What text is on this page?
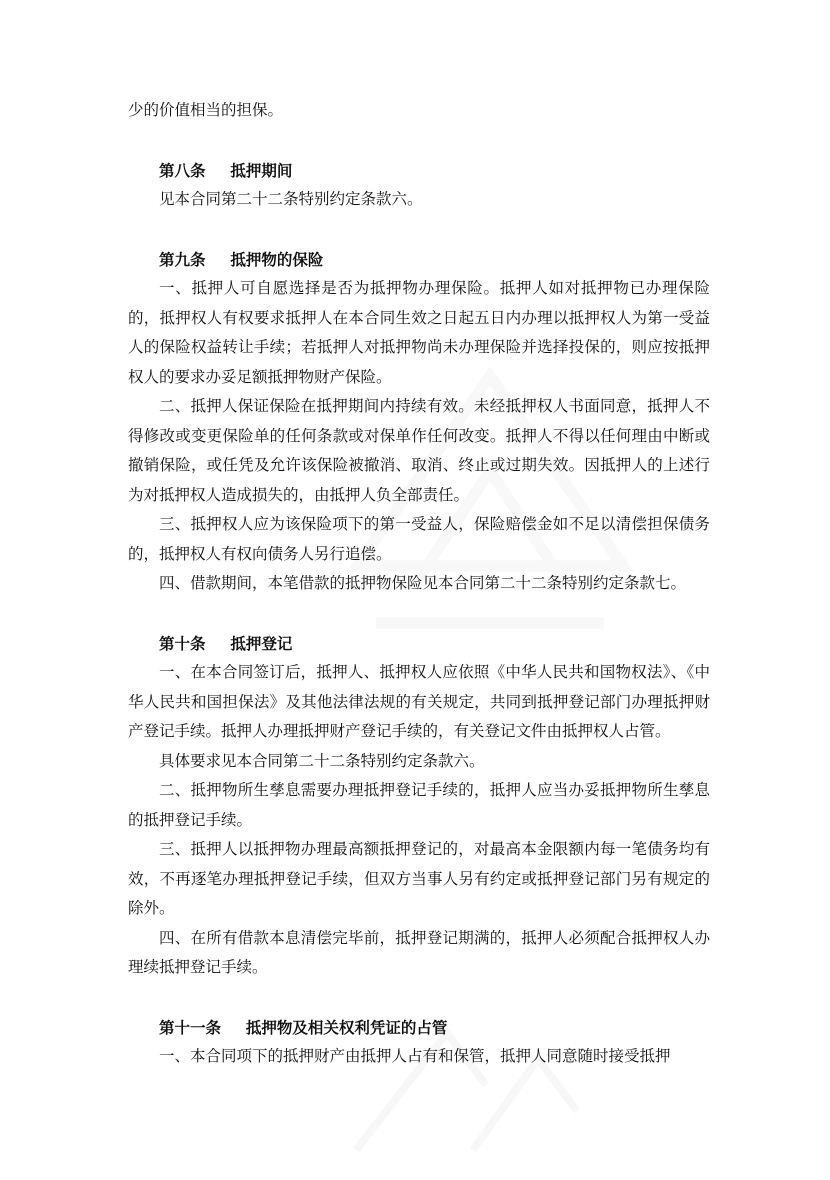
少的价值相当的担保。

第八条 抵押期间

见本合同第二十二条特别约定条款六。

第九条 抵押物的保险

一、抵押人可自愿选择是否为抵押物办理保险。抵押人如对抵押物已办理保险的，抵押权人有权要求抵押人在本合同生效之日起五日内办理以抵押权人为第一受益人的保险权益转让手续；若抵押人对抵押物尚未办理保险并选择投保的，则应按抵押权人的要求办妥足额抵押物财产保险。

二、抵押人保证保险在抵押期间内持续有效。未经抵押权人书面同意，抵押人不得修改或变更保险单的任何条款或对保单作任何改变。抵押人不得以任何理由中断或撤销保险，或任凭及允许该保险被撤消、取消、终止或过期失效。因抵押人的上述行为对抵押权人造成损失的，由抵押人负全部责任。

三、抵押权人应为该保险项下的第一受益人，保险赔偿金如不足以清偿担保债务的，抵押权人有权向债务人另行追偿。

四、借款期间，本笔借款的抵押物保险见本合同第二十二条特别约定条款七。

第十条 抵押登记

一、在本合同签订后，抵押人、抵押权人应依照《中华人民共和国物权法》、《中华人民共和国担保法》及其他法律法规的有关规定，共同到抵押登记部门办理抵押财产登记手续。抵押人办理抵押财产登记手续的，有关登记文件由抵押权人占管。

具体要求见本合同第二十二条特别约定条款六。

二、抵押物所生孳息需要办理抵押登记手续的，抵押人应当办妥抵押物所生孳息的抵押登记手续。

三、抵押人以抵押物办理最高额抵押登记的，对最高本金限额内每一笔债务均有效，不再逐笔办理抵押登记手续，但双方当事人另有约定或抵押登记部门另有规定的除外。

四、在所有借款本息清偿完毕前，抵押登记期满的，抵押人必须配合抵押权人办理续抵押登记手续。

第十一条 抵押物及相关权利凭证的占管

一、本合同项下的抵押财产由抵押人占有和保管，抵押人同意随时接受抵押
